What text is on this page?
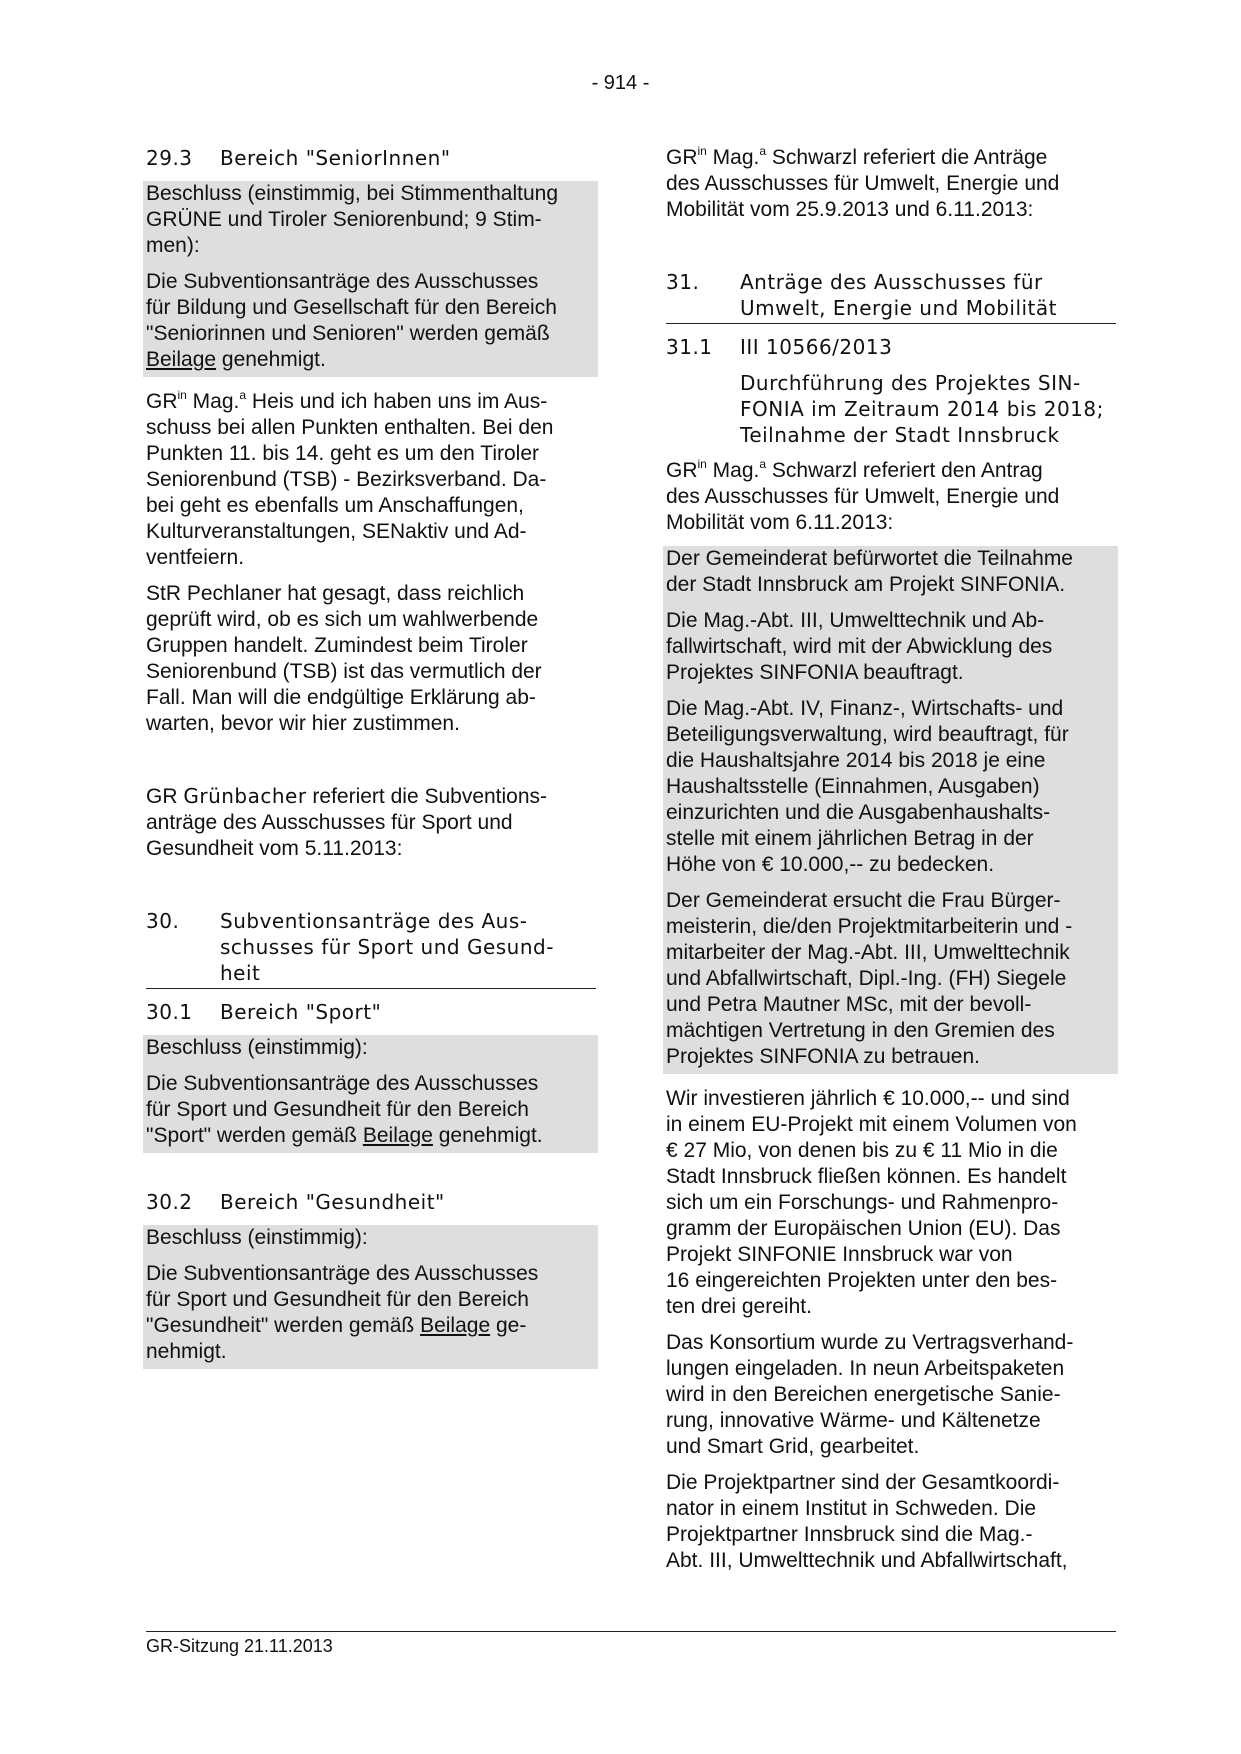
- 914 -
29.3	Bereich "SeniorInnen"
Beschluss (einstimmig, bei Stimmenthaltung
GRÜNE und Tiroler Seniorenbund; 9 Stim-
men):
Die Subventionsanträge des Ausschusses
für Bildung und Gesellschaft für den Bereich
"Seniorinnen und Senioren" werden gemäß
Beilage genehmigt.
$GR^{in}$ Mag.$^a$ Heis und ich haben uns im Aus-
schuss bei allen Punkten enthalten. Bei den
Punkten 11. bis 14. geht es um den Tiroler
Seniorenbund (TSB) - Bezirksverband. Da-
bei geht es ebenfalls um Anschaffungen,
Kulturveranstaltungen, SENaktiv und Ad-
ventfeiern.
StR Pechlaner hat gesagt, dass reichlich
geprüft wird, ob es sich um wahlwerbende
Gruppen handelt. Zumindest beim Tiroler
Seniorenbund (TSB) ist das vermutlich der
Fall. Man will die endgültige Erklärung ab-
warten, bevor wir hier zustimmen.
GR Grünbacher referiert die Subventions-
anträge des Ausschusses für Sport und
Gesundheit vom 5.11.2013:
30.	Subventionsanträge des Aus-
schusses für Sport und Gesund-
heit
30.1	Bereich "Sport"
Beschluss (einstimmig):
Die Subventionsanträge des Ausschusses
für Sport und Gesundheit für den Bereich
"Sport" werden gemäß Beilage genehmigt.
30.2	Bereich "Gesundheit"
Beschluss (einstimmig):
Die Subventionsanträge des Ausschusses
für Sport und Gesundheit für den Bereich
"Gesundheit" werden gemäß Beilage ge-
nehmigt.
$GR^{in}$ Mag.$^a$ Schwarzl referiert die Anträge
des Ausschusses für Umwelt, Energie und
Mobilität vom 25.9.2013 und 6.11.2013:
31.	Anträge des Ausschusses für
Umwelt, Energie und Mobilität
31.1	III 10566/2013
Durchführung des Projektes SIN-
FONIA im Zeitraum 2014 bis 2018;
Teilnahme der Stadt Innsbruck
$GR^{in}$ Mag.$^a$ Schwarzl referiert den Antrag
des Ausschusses für Umwelt, Energie und
Mobilität vom 6.11.2013:
Der Gemeinderat befürwortet die Teilnahme
der Stadt Innsbruck am Projekt SINFONIA.
Die Mag.-Abt. III, Umwelttechnik und Ab-
fallwirtschaft, wird mit der Abwicklung des
Projektes SINFONIA beauftragt.
Die Mag.-Abt. IV, Finanz-, Wirtschafts- und
Beteiligungsverwaltung, wird beauftragt, für
die Haushaltsjahre 2014 bis 2018 je eine
Haushaltsstelle (Einnahmen, Ausgaben)
einzurichten und die Ausgabenhaushalts-
stelle mit einem jährlichen Betrag in der
Höhe von € 10.000,-- zu bedecken.
Der Gemeinderat ersucht die Frau Bürger-
meisterin, die/den Projektmitarbeiterin und -
mitarbeiter der Mag.-Abt. III, Umwelttechnik
und Abfallwirtschaft, Dipl.-Ing. (FH) Siegele
und Petra Mautner MSc, mit der bevoll-
mächtigen Vertretung in den Gremien des
Projektes SINFONIA zu betrauen.
Wir investieren jährlich € 10.000,-- und sind
in einem EU-Projekt mit einem Volumen von
€ 27 Mio, von denen bis zu € 11 Mio in die
Stadt Innsbruck fließen können. Es handelt
sich um ein Forschungs- und Rahmenpro-
gramm der Europäischen Union (EU). Das
Projekt SINFONIE Innsbruck war von
16 eingereichten Projekten unter den bes-
ten drei gereiht.
Das Konsortium wurde zu Vertragsverhand-
lungen eingeladen. In neun Arbeitspaketen
wird in den Bereichen energetische Sanie-
rung, innovative Wärme- und Kältenetze
und Smart Grid, gearbeitet.
Die Projektpartner sind der Gesamtkoordi-
nator in einem Institut in Schweden. Die
Projektpartner Innsbruck sind die Mag.-
Abt. III, Umwelttechnik und Abfallwirtschaft,
GR-Sitzung 21.11.2013
